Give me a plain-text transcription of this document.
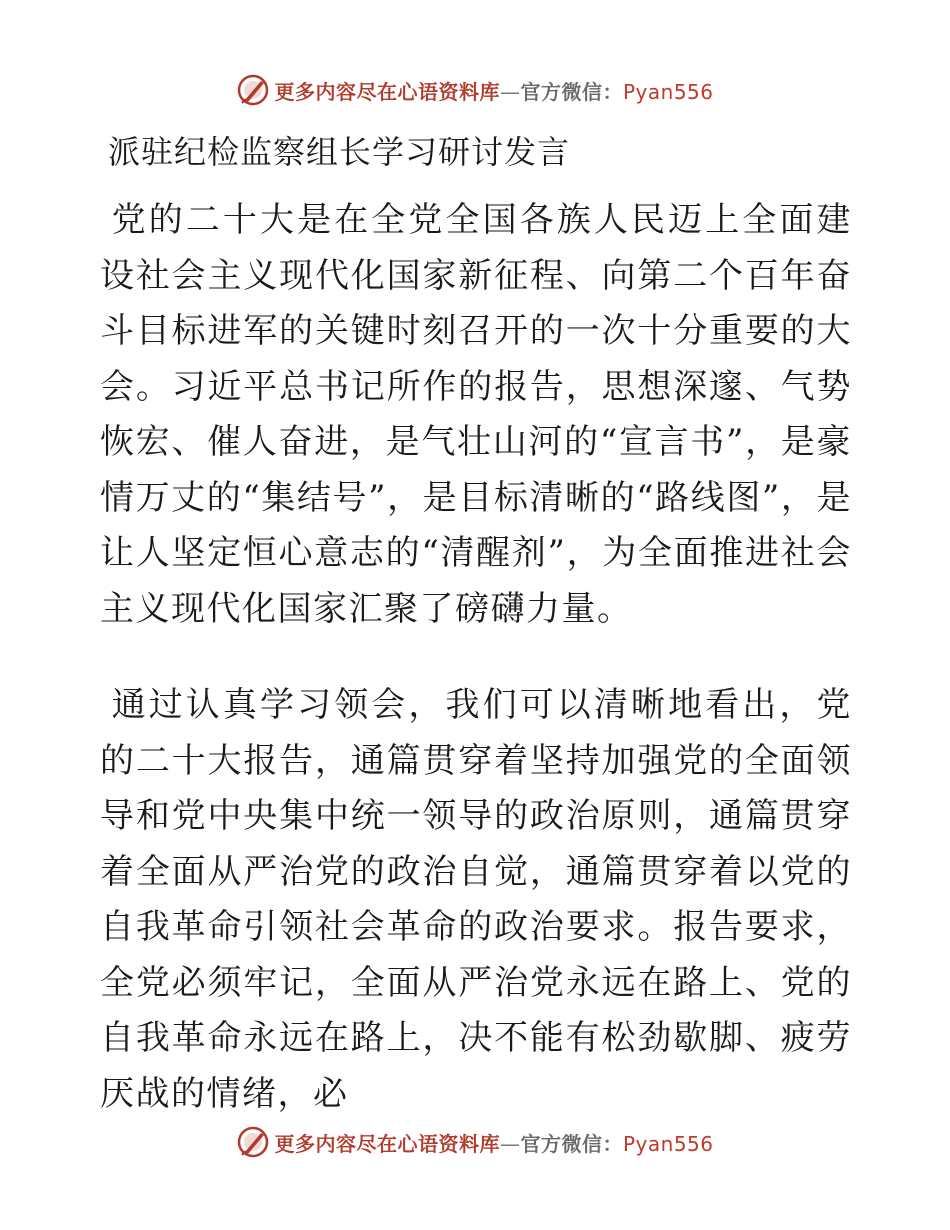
更多内容尽在心语资料库—官方微信：Pyan556
派驻纪检监察组长学习研讨发言

党的二十大是在全党全国各族人民迈上全面建设社会主义现代化国家新征程、向第二个百年奋斗目标进军的关键时刻召开的一次十分重要的大会。习近平总书记所作的报告，思想深邃、气势恢宏、催人奋进，是气壮山河的“宣言书”，是豪情万丈的“集结号”，是目标清晰的“路线图”，是让人坚定恒心意志的“清醒剂”，为全面推进社会主义现代化国家汇聚了磅礴力量。

通过认真学习领会，我们可以清晰地看出，党的二十大报告，通篇贯穿着坚持加强党的全面领导和党中央集中统一领导的政治原则，通篇贯穿着全面从严治党的政治自觉，通篇贯穿着以党的自我革命引领社会革命的政治要求。报告要求，全党必须牢记，全面从严治党永远在路上、党的自我革命永远在路上，决不能有松劲歇脚、疲劳厌战的情绪，必

更多内容尽在心语资料库—官方微信：Pyan556
